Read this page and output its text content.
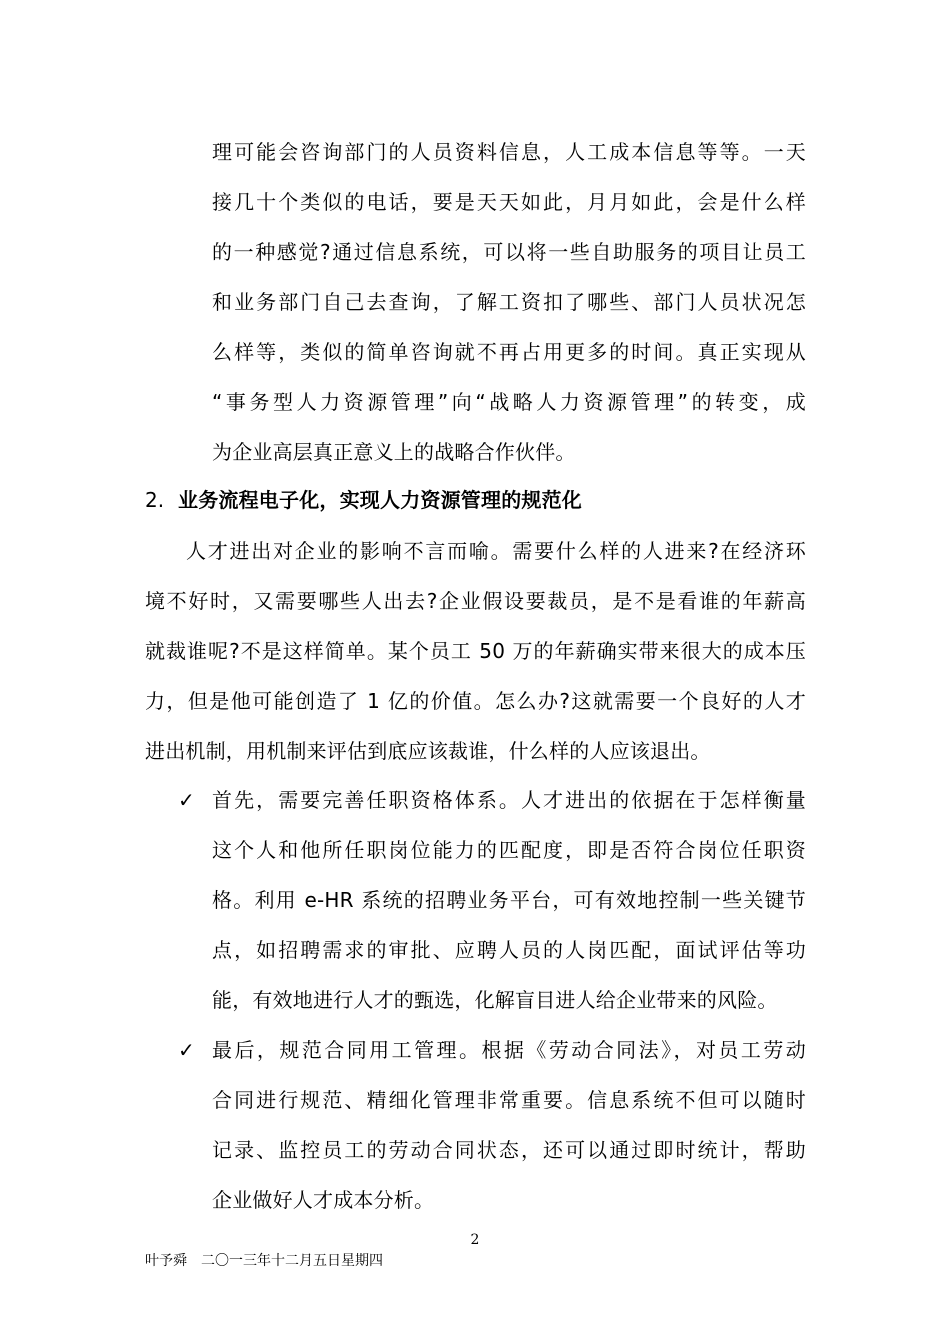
理可能会咨询部门的人员资料信息，人工成本信息等等。一天
接几十个类似的电话，要是天天如此，月月如此，会是什么样
的一种感觉?通过信息系统，可以将一些自助服务的项目让员工
和业务部门自己去查询，了解工资扣了哪些、部门人员状况怎
么样等，类似的简单咨询就不再占用更多的时间。真正实现从
“事务型人力资源管理”向“战略人力资源管理”的转变，成
为企业高层真正意义上的战略合作伙伴。
2. 业务流程电子化，实现人力资源管理的规范化
人才进出对企业的影响不言而喻。需要什么样的人进来?在经济环
境不好时，又需要哪些人出去?企业假设要裁员，是不是看谁的年薪高
就裁谁呢?不是这样简单。某个员工 50 万的年薪确实带来很大的成本压
力，但是他可能创造了 1 亿的价值。怎么办?这就需要一个良好的人才
进出机制，用机制来评估到底应该裁谁，什么样的人应该退出。
✓ 首先，需要完善任职资格体系。人才进出的依据在于怎样衡量
这个人和他所任职岗位能力的匹配度，即是否符合岗位任职资
格。利用 e-HR 系统的招聘业务平台，可有效地控制一些关键节
点，如招聘需求的审批、应聘人员的人岗匹配，面试评估等功
能，有效地进行人才的甄选，化解盲目进人给企业带来的风险。
✓ 最后，规范合同用工管理。根据《劳动合同法》，对员工劳动
合同进行规范、精细化管理非常重要。信息系统不但可以随时
记录、监控员工的劳动合同状态，还可以通过即时统计，帮助
企业做好人才成本分析。
2
叶予舜　二〇一三年十二月五日星期四
